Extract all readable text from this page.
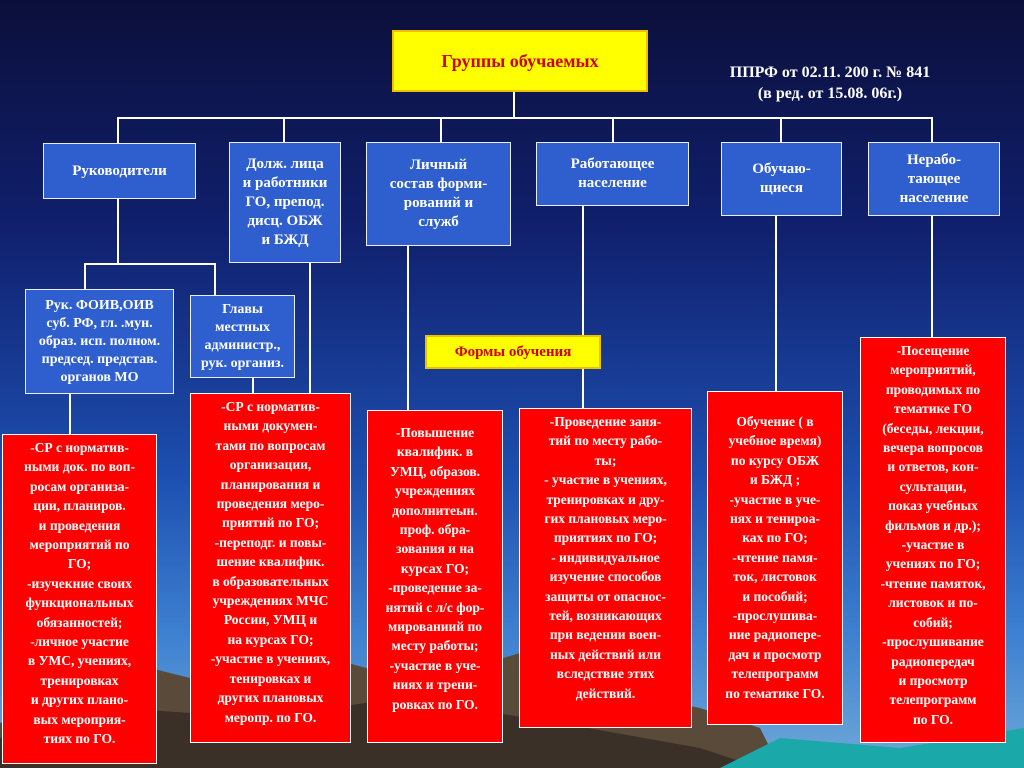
Группы обучаемых
ППРФ от 02.11. 200 г. № 841
(в ред. от 15.08. 06г.)
Руководители	Долж. лица
и работники
ГО, препод.
дисц. ОБЖ
и БЖД
Личный
состав форми-
рований и
служб
Работающее
население
Обучаю-
щиеся
Нерабо-
тающее
население
Рук. ФОИВ,ОИВ
суб. РФ, гл. .мун.
образ. исп. полном.
председ. представ.
органов МО
Главы
местных
администр.,
рук. организ.
Формы обучения
-СР с норматив-
ными док. по воп-
росам организа-
ции, планиров.
и проведения
мероприятий по
ГО;
-изучекние своих
функциональных
обязанностей;
-личное участие
в УМС, учениях,
тренировках
и других плано-
вых мероприя-
тиях по ГО.
-СР с норматив-
ными докумен-
тами по вопросам
организации,
планирования и
проведения меро-
приятий по ГО;
-переподг. и повы-
шение квалифик.
в образовательных
учреждениях МЧС
России, УМЦ и
на курсах ГО;
-участие в учениях,
тенировках и
других плановых
меропр. по ГО.
-Повышение
квалифик. в
УМЦ, образов.
учреждениях
дополнитеын.
проф. обра-
зования и на
курсах ГО;
-проведение за-
нятий с л/с фор-
мированиий по
месту работы;
-участие в уче-
ниях и трени-
ровках по ГО.
-Проведение заня-
тий по месту рабо-
ты;
- участие в учениях,
тренировках и дру-
гих плановых меро-
приятиях по ГО;
- индивидуальное
изучение способов
защиты от опаснос-
тей, возникающих
при ведении воен-
ных действий или
вследствие этих
действий.
Обучение ( в
учебное время)
по курсу ОБЖ
и БЖД ;
-участие в уче-
нях и тенироа-
ках по ГО;
-чтение памя-
ток, листовок
и пособий;
-прослушива-
ние радиопере-
дач и просмотр
телепрограмм
по тематике ГО.
-Посещение
мероприятий,
проводимых по
тематике ГО
(беседы, лекции,
вечера вопросов
и ответов, кон-
сультации,
показ учебных
фильмов и др.);
-участие в
учениях по ГО;
-чтение памяток,
листовок и по-
собий;
-прослушивание
радиопередач
и просмотр
телепрограмм
по ГО.
